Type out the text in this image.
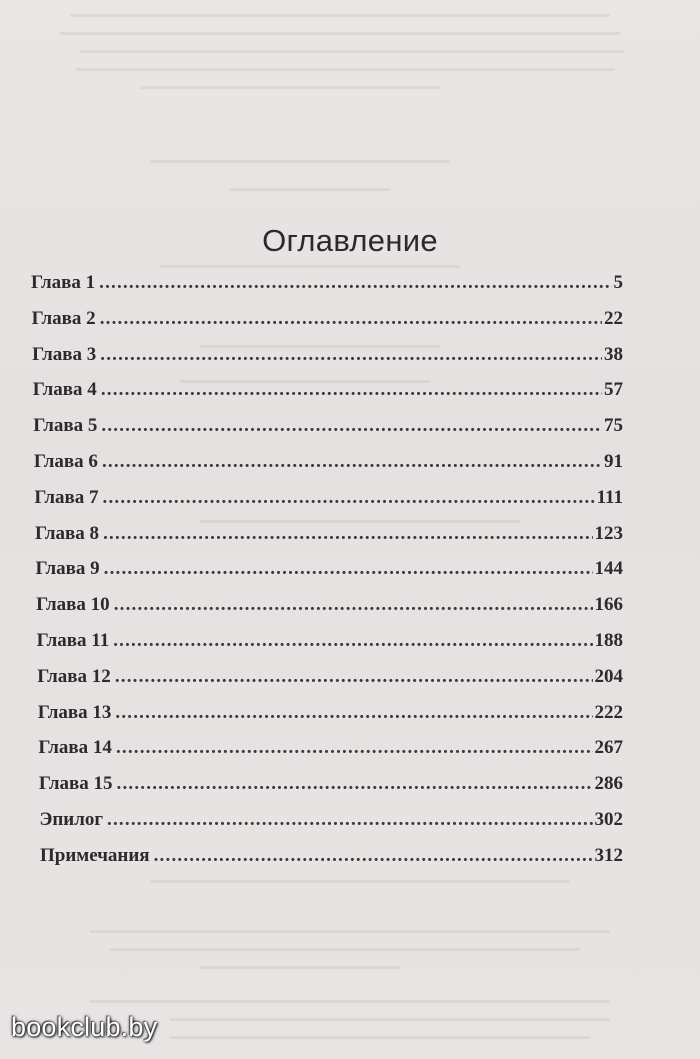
Оглавление
Глава 1 .....	5
Глава 2 .....	22
Глава 3 .....	38
Глава 4 .....	57
Глава 5 .....	75
Глава 6 .....	91
Глава 7 .....	111
Глава 8 .....	123
Глава 9 .....	144
Глава 10 .....	166
Глава 11 .....	188
Глава 12 .....	204
Глава 13 .....	222
Глава 14 .....	267
Глава 15 .....	286
Эпилог .....	302
Примечания .....	312
bookclub.by
